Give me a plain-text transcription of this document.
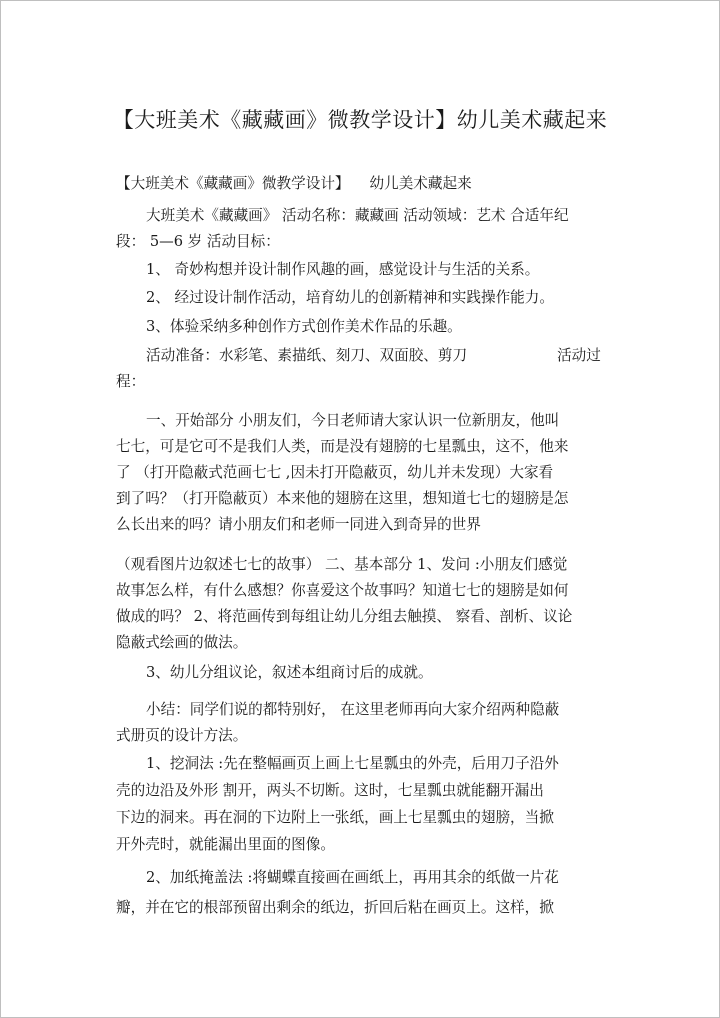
【大班美术《藏藏画》微教学设计】幼儿美术藏起来
【大班美术《藏藏画》微教学设计】 幼儿美术藏起来
大班美术《藏藏画》 活动名称：藏藏画 活动领域：艺术 合适年纪
段： 5—6 岁 活动目标：
1、 奇妙构想并设计制作风趣的画，感觉设计与生活的关系。
2、 经过设计制作活动，培育幼儿的创新精神和实践操作能力。
3、体验采纳多种创作方式创作美术作品的乐趣。
活动准备：水彩笔、素描纸、刻刀、双面胶、剪刀	活动过
程：
一、开始部分 小朋友们，今日老师请大家认识一位新朋友，他叫
七七，可是它可不是我们人类，而是没有翅膀的七星瓢虫，这不，他来
了 （打开隐蔽式范画七七 ,因未打开隐蔽页，幼儿并未发现）大家看
到了吗？（打开隐蔽页）本来他的翅膀在这里，想知道七七的翅膀是怎
么长出来的吗？请小朋友们和老师一同进入到奇异的世界
（观看图片边叙述七七的故事） 二、基本部分 1、发问 :小朋友们感觉
故事怎么样，有什么感想？你喜爱这个故事吗？知道七七的翅膀是如何
做成的吗？ 2、将范画传到每组让幼儿分组去触摸、 察看、剖析、议论
隐蔽式绘画的做法。
3、幼儿分组议论，叙述本组商讨后的成就。
小结：同学们说的都特别好， 在这里老师再向大家介绍两种隐蔽
式册页的设计方法。
1、挖洞法 :先在整幅画页上画上七星瓢虫的外壳，后用刀子沿外
壳的边沿及外形 割开，两头不切断。这时，七星瓢虫就能翻开漏出
下边的洞来。再在洞的下边附上一张纸，画上七星瓢虫的翅膀，当掀
开外壳时，就能漏出里面的图像。
2、加纸掩盖法 :将蝴蝶直接画在画纸上，再用其余的纸做一片花
瓣，并在它的根部预留出剩余的纸边，折回后粘在画页上。这样，掀
